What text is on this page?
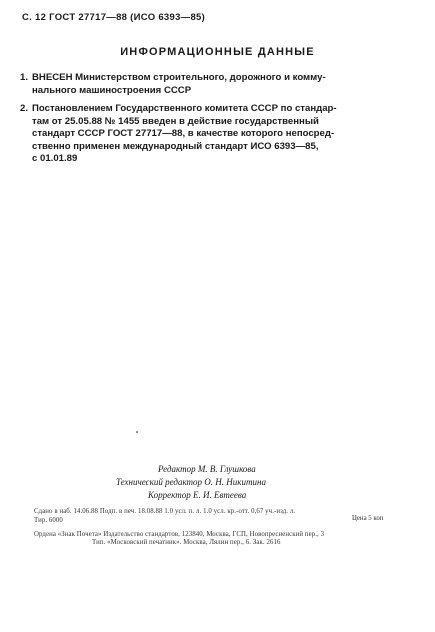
С. 12 ГОСТ 27717—88 (ИСО 6393—85)
ИНФОРМАЦИОННЫЕ ДАННЫЕ
1. ВНЕСЕН Министерством строительного, дорожного и комму-
нального машиностроения СССР
2. Постановлением Государственного комитета СССР по стандар-
там от 25.05.88 № 1455 введен в действие государственный
стандарт СССР ГОСТ 27717—88, в качестве которого непосред-
ственно применен международный стандарт ИСО 6393—85,
с 01.01.89
Редактор М. В. Глушкова
Технический редактор О. Н. Никитина
Корректор Е. И. Евтеева
Сдано в наб. 14.06.88 Подп. в печ. 18.08.88 1.0 усл. п. л. 1.0 усл. кр.-отт. 0,67 уч.-изд. л.
Тир. 6000	Цена 5 коп
Ордена «Знак Почета» Издательство стандартов, 123840, Москва, ГСП, Новопресненский пер., 3
Тип. «Московский печатник». Москва, Лялин пер., 6. Зак. 2616
